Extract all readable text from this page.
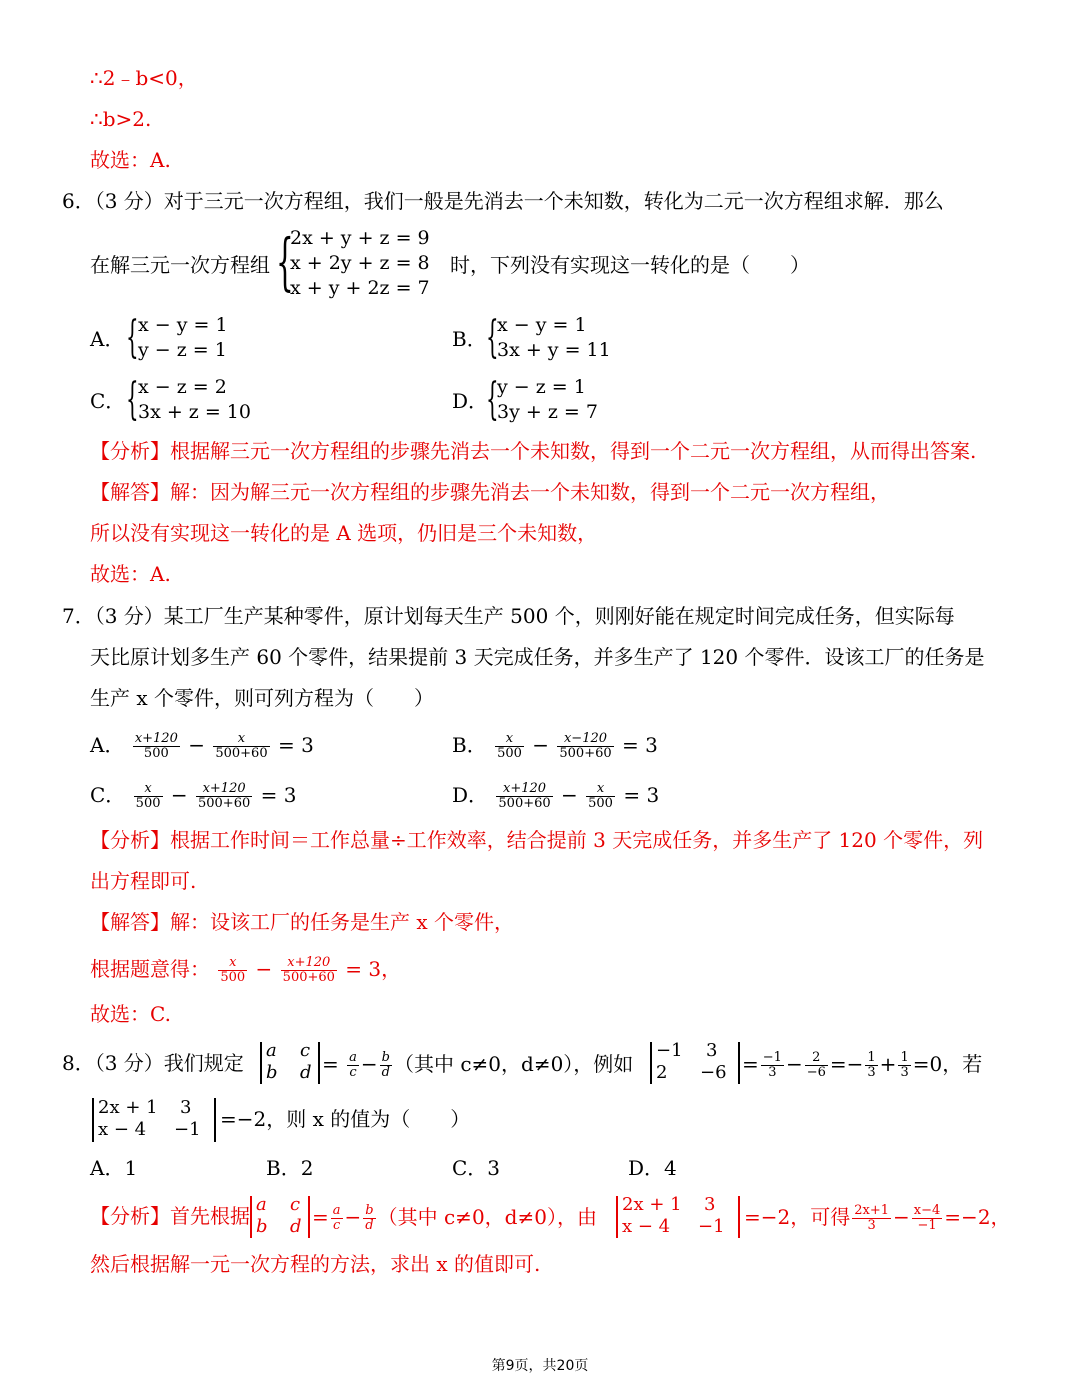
∴2﹣b<0，
∴b>2.
故选：A.
6．（3 分）对于三元一次方程组，我们一般是先消去一个未知数，转化为二元一次方程组求解．那么
在解三元一次方程组 {
2x + y + z = 9
x + 2y + z = 8
x + y + 2z = 7
时，下列没有实现这一转化的是（　　）
A． { x − y = 1
y − z = 1	B． {
x − y = 1
3x + y = 11
C． { x − z = 2
3x + z = 10	D．
{
y − z = 1
3y + z = 7
【分析】根据解三元一次方程组的步骤先消去一个未知数，得到一个二元一次方程组，从而得出答案.
【解答】解：因为解三元一次方程组的步骤先消去一个未知数，得到一个二元一次方程组，
所以没有实现这一转化的是 A 选项，仍旧是三个未知数，
故选：A.
7．（3 分）某工厂生产某种零件，原计划每天生产 500 个，则刚好能在规定时间完成任务，但实际每
天比原计划多生产 60 个零件，结果提前 3 天完成任务，并多生产了 120 个零件．设该工厂的任务是
生产 x 个零件，则可列方程为（　　）
A． $\frac{x+120}{500} - \frac{x}{500+60} = 3$	B． $\frac{x}{500} - \frac{x-120}{500+60} = 3$
C． $\frac{x}{500} - \frac{x+120}{500+60} = 3$	D． $\frac{x+120}{500+60} - \frac{x}{500} = 3$
【分析】根据工作时间＝工作总量÷工作效率，结合提前 3 天完成任务，并多生产了 120 个零件，列
出方程即可.
【解答】解：设该工厂的任务是生产 x 个零件，
根据题意得： $\frac{x}{500} - \frac{x+120}{500+60} = 3$，
故选：C.
8．（3 分）我们规定
a c
b $d = \frac{a}{c} - \frac{b}{d}$ （其中 c≠0，d≠0），例如
−1 3
$2 -6 = \frac{-1}{3} - \frac{2}{-6} =- \frac{1}{3} + \frac{1}{3} =0$，若
2x + 1 3
x − 4 −1 =−2，则 x 的值为（　　）
A．1	B．2	C．3	D．4
【分析】首先根据 a c
b $d = \frac{a}{c} - \frac{b}{d}$ （其中 c≠0，d≠0），由
2x + 1 3
x − 4 −1 =−2，可得 $\frac{2x+1}{3} - \frac{x-4}{-1} =-2$，
然后根据解一元一次方程的方法，求出 x 的值即可.
第9页，共20页
